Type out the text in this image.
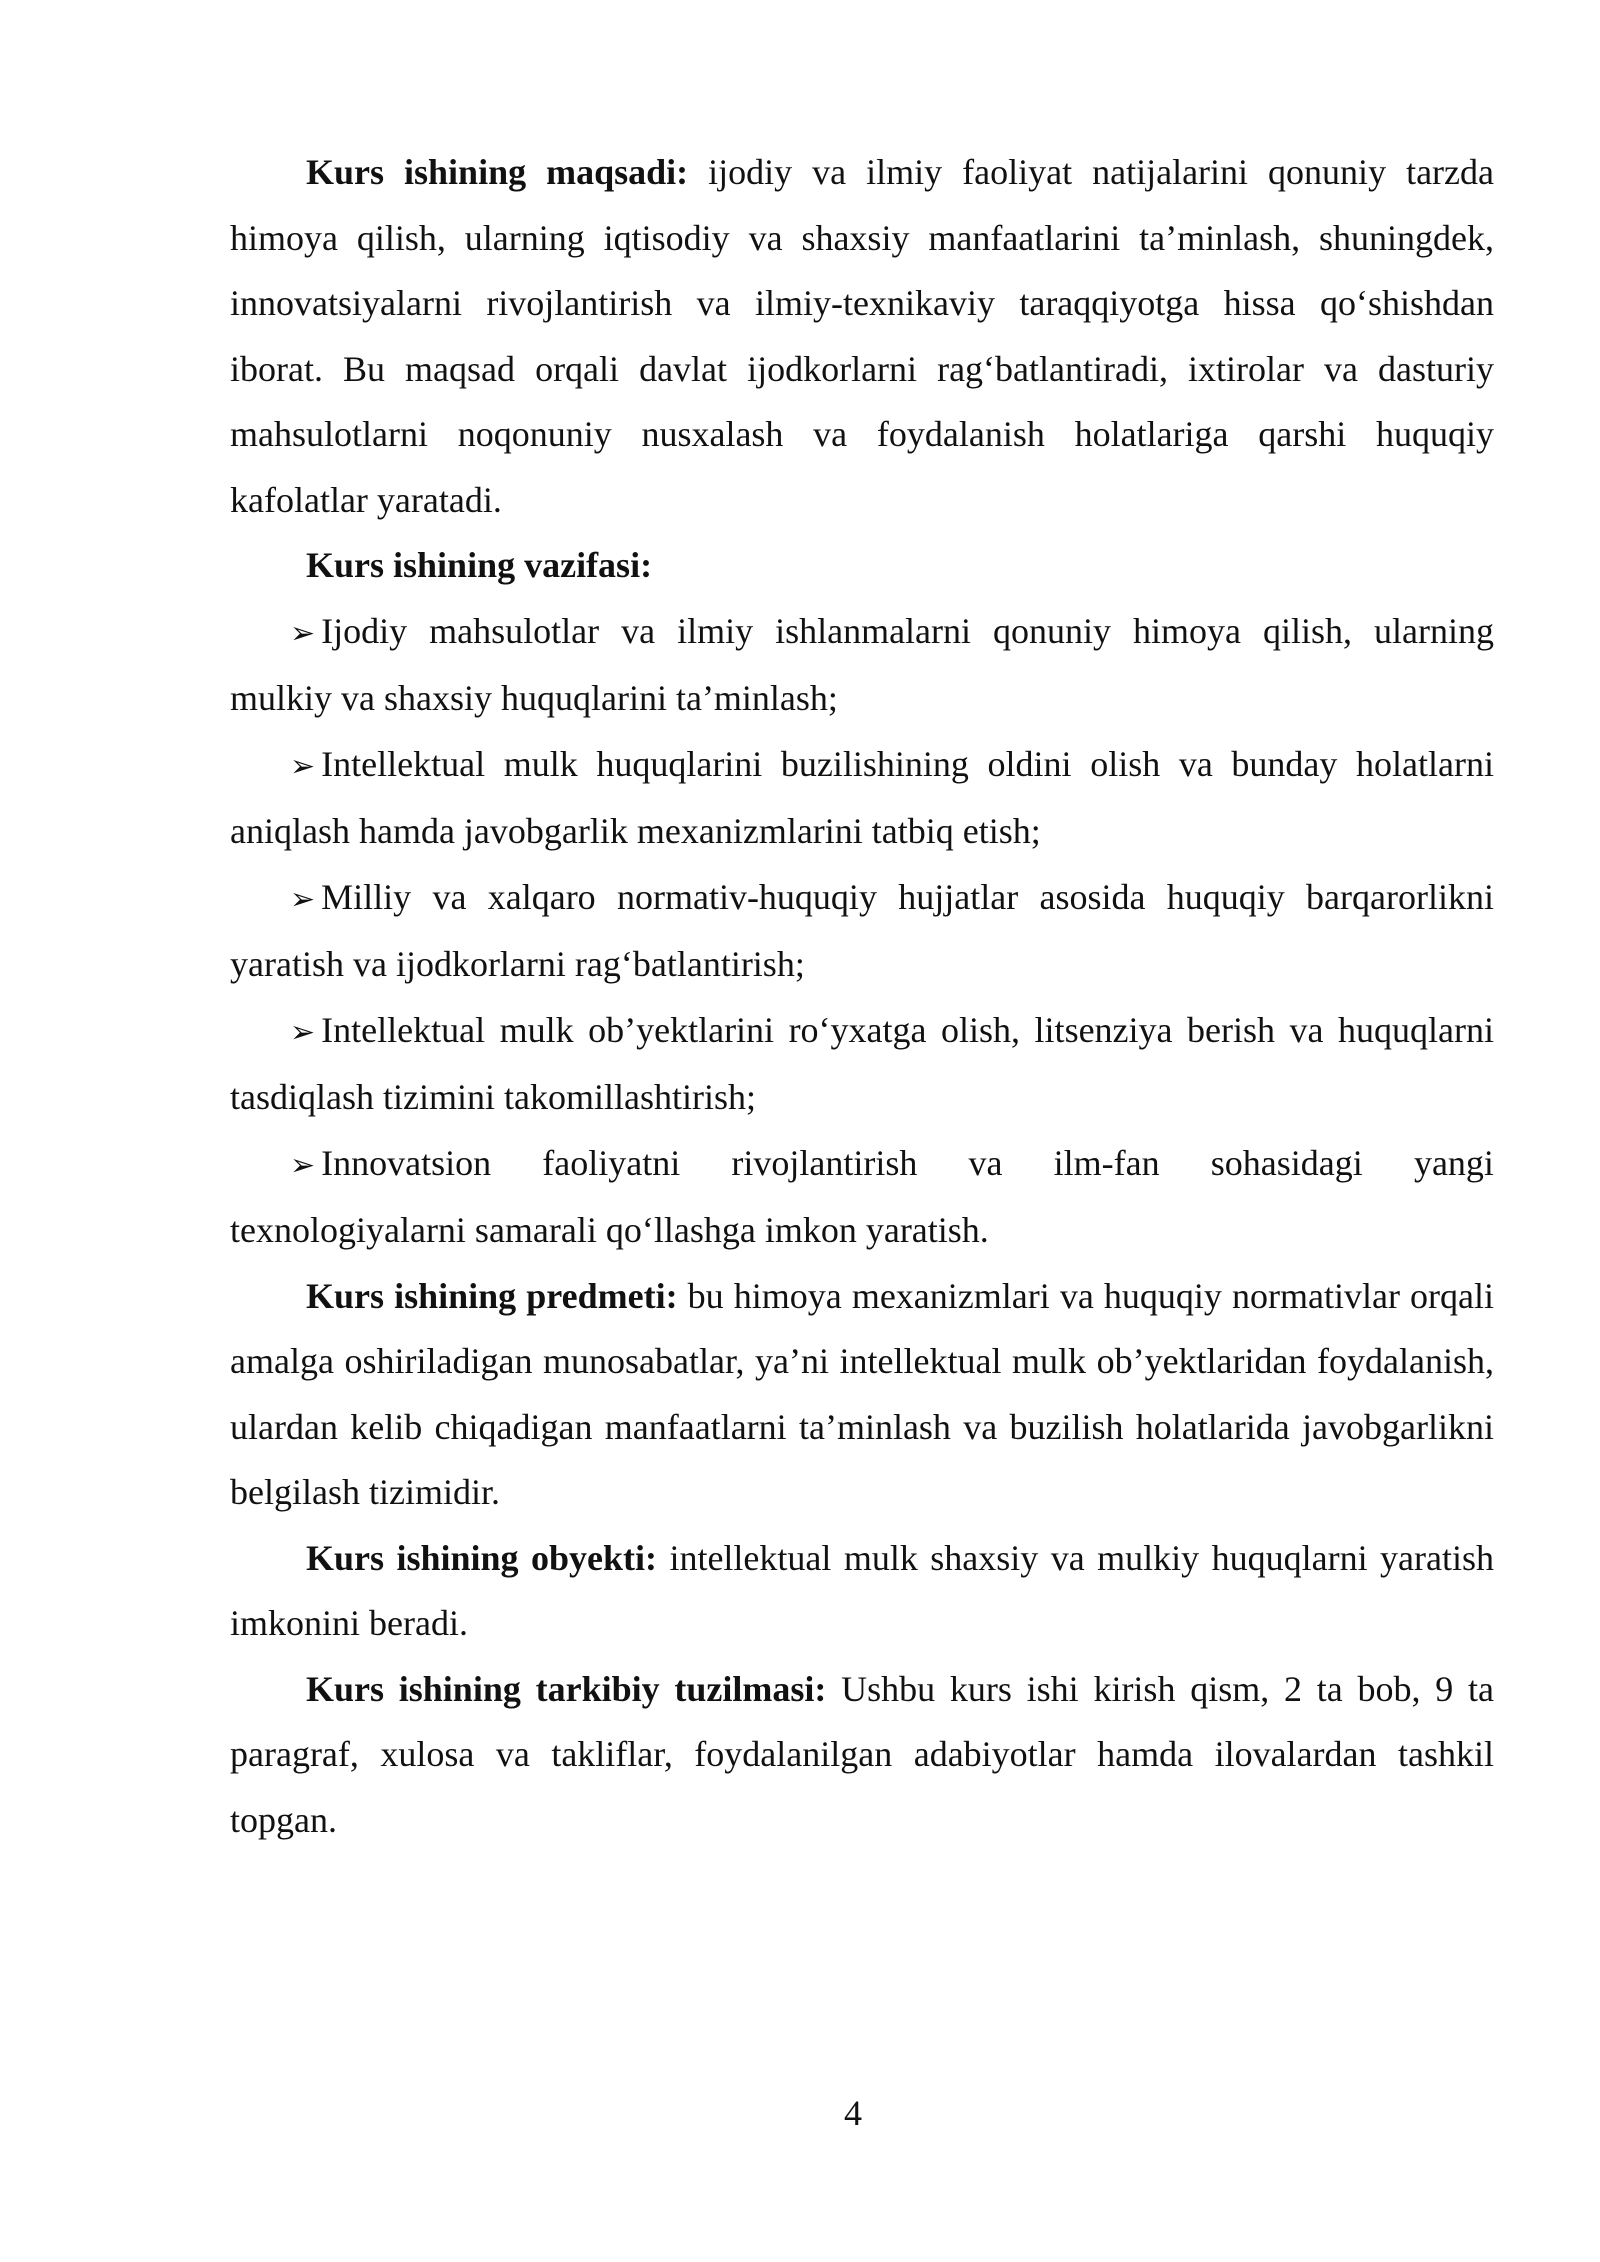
Kurs ishining maqsadi: ijodiy va ilmiy faoliyat natijalarini qonuniy tarzda himoya qilish, ularning iqtisodiy va shaxsiy manfaatlarini ta’minlash, shuningdek, innovatsiyalarni rivojlantirish va ilmiy-texnikaviy taraqqiyotga hissa qo‘shishdan iborat. Bu maqsad orqali davlat ijodkorlarni rag‘batlantiradi, ixtirolar va dasturiy mahsulotlarni noqonuniy nusxalash va foydalanish holatlariga qarshi huquqiy kafolatlar yaratadi.

Kurs ishining vazifasi:

➢ Ijodiy mahsulotlar va ilmiy ishlanmalarni qonuniy himoya qilish, ularning mulkiy va shaxsiy huquqlarini ta’minlash;

➢ Intellektual mulk huquqlarini buzilishining oldini olish va bunday holatlarni aniqlash hamda javobgarlik mexanizmlarini tatbiq etish;

➢ Milliy va xalqaro normativ-huquqiy hujjatlar asosida huquqiy barqarorlikni yaratish va ijodkorlarni rag‘batlantirish;

➢ Intellektual mulk ob’yektlarini ro‘yxatga olish, litsenziya berish va huquqlarni tasdiqlash tizimini takomillashtirish;

➢ Innovatsion faoliyatni rivojlantirish va ilm-fan sohasidagi yangi
texnologiyalarni samarali qo‘llashga imkon yaratish.

Kurs ishining predmeti: bu himoya mexanizmlari va huquqiy normativlar orqali amalga oshiriladigan munosabatlar, ya’ni intellektual mulk ob’yektlaridan foydalanish, ulardan kelib chiqadigan manfaatlarni ta’minlash va buzilish holatlarida javobgarlikni belgilash tizimidir.

Kurs ishining obyekti: intellektual mulk shaxsiy va mulkiy huquqlarni yaratish imkonini beradi.

Kurs ishining tarkibiy tuzilmasi: Ushbu kurs ishi kirish qism, 2 ta bob, 9 ta paragraf, xulosa va takliflar, foydalanilgan adabiyotlar hamda ilovalardan tashkil topgan.

4
